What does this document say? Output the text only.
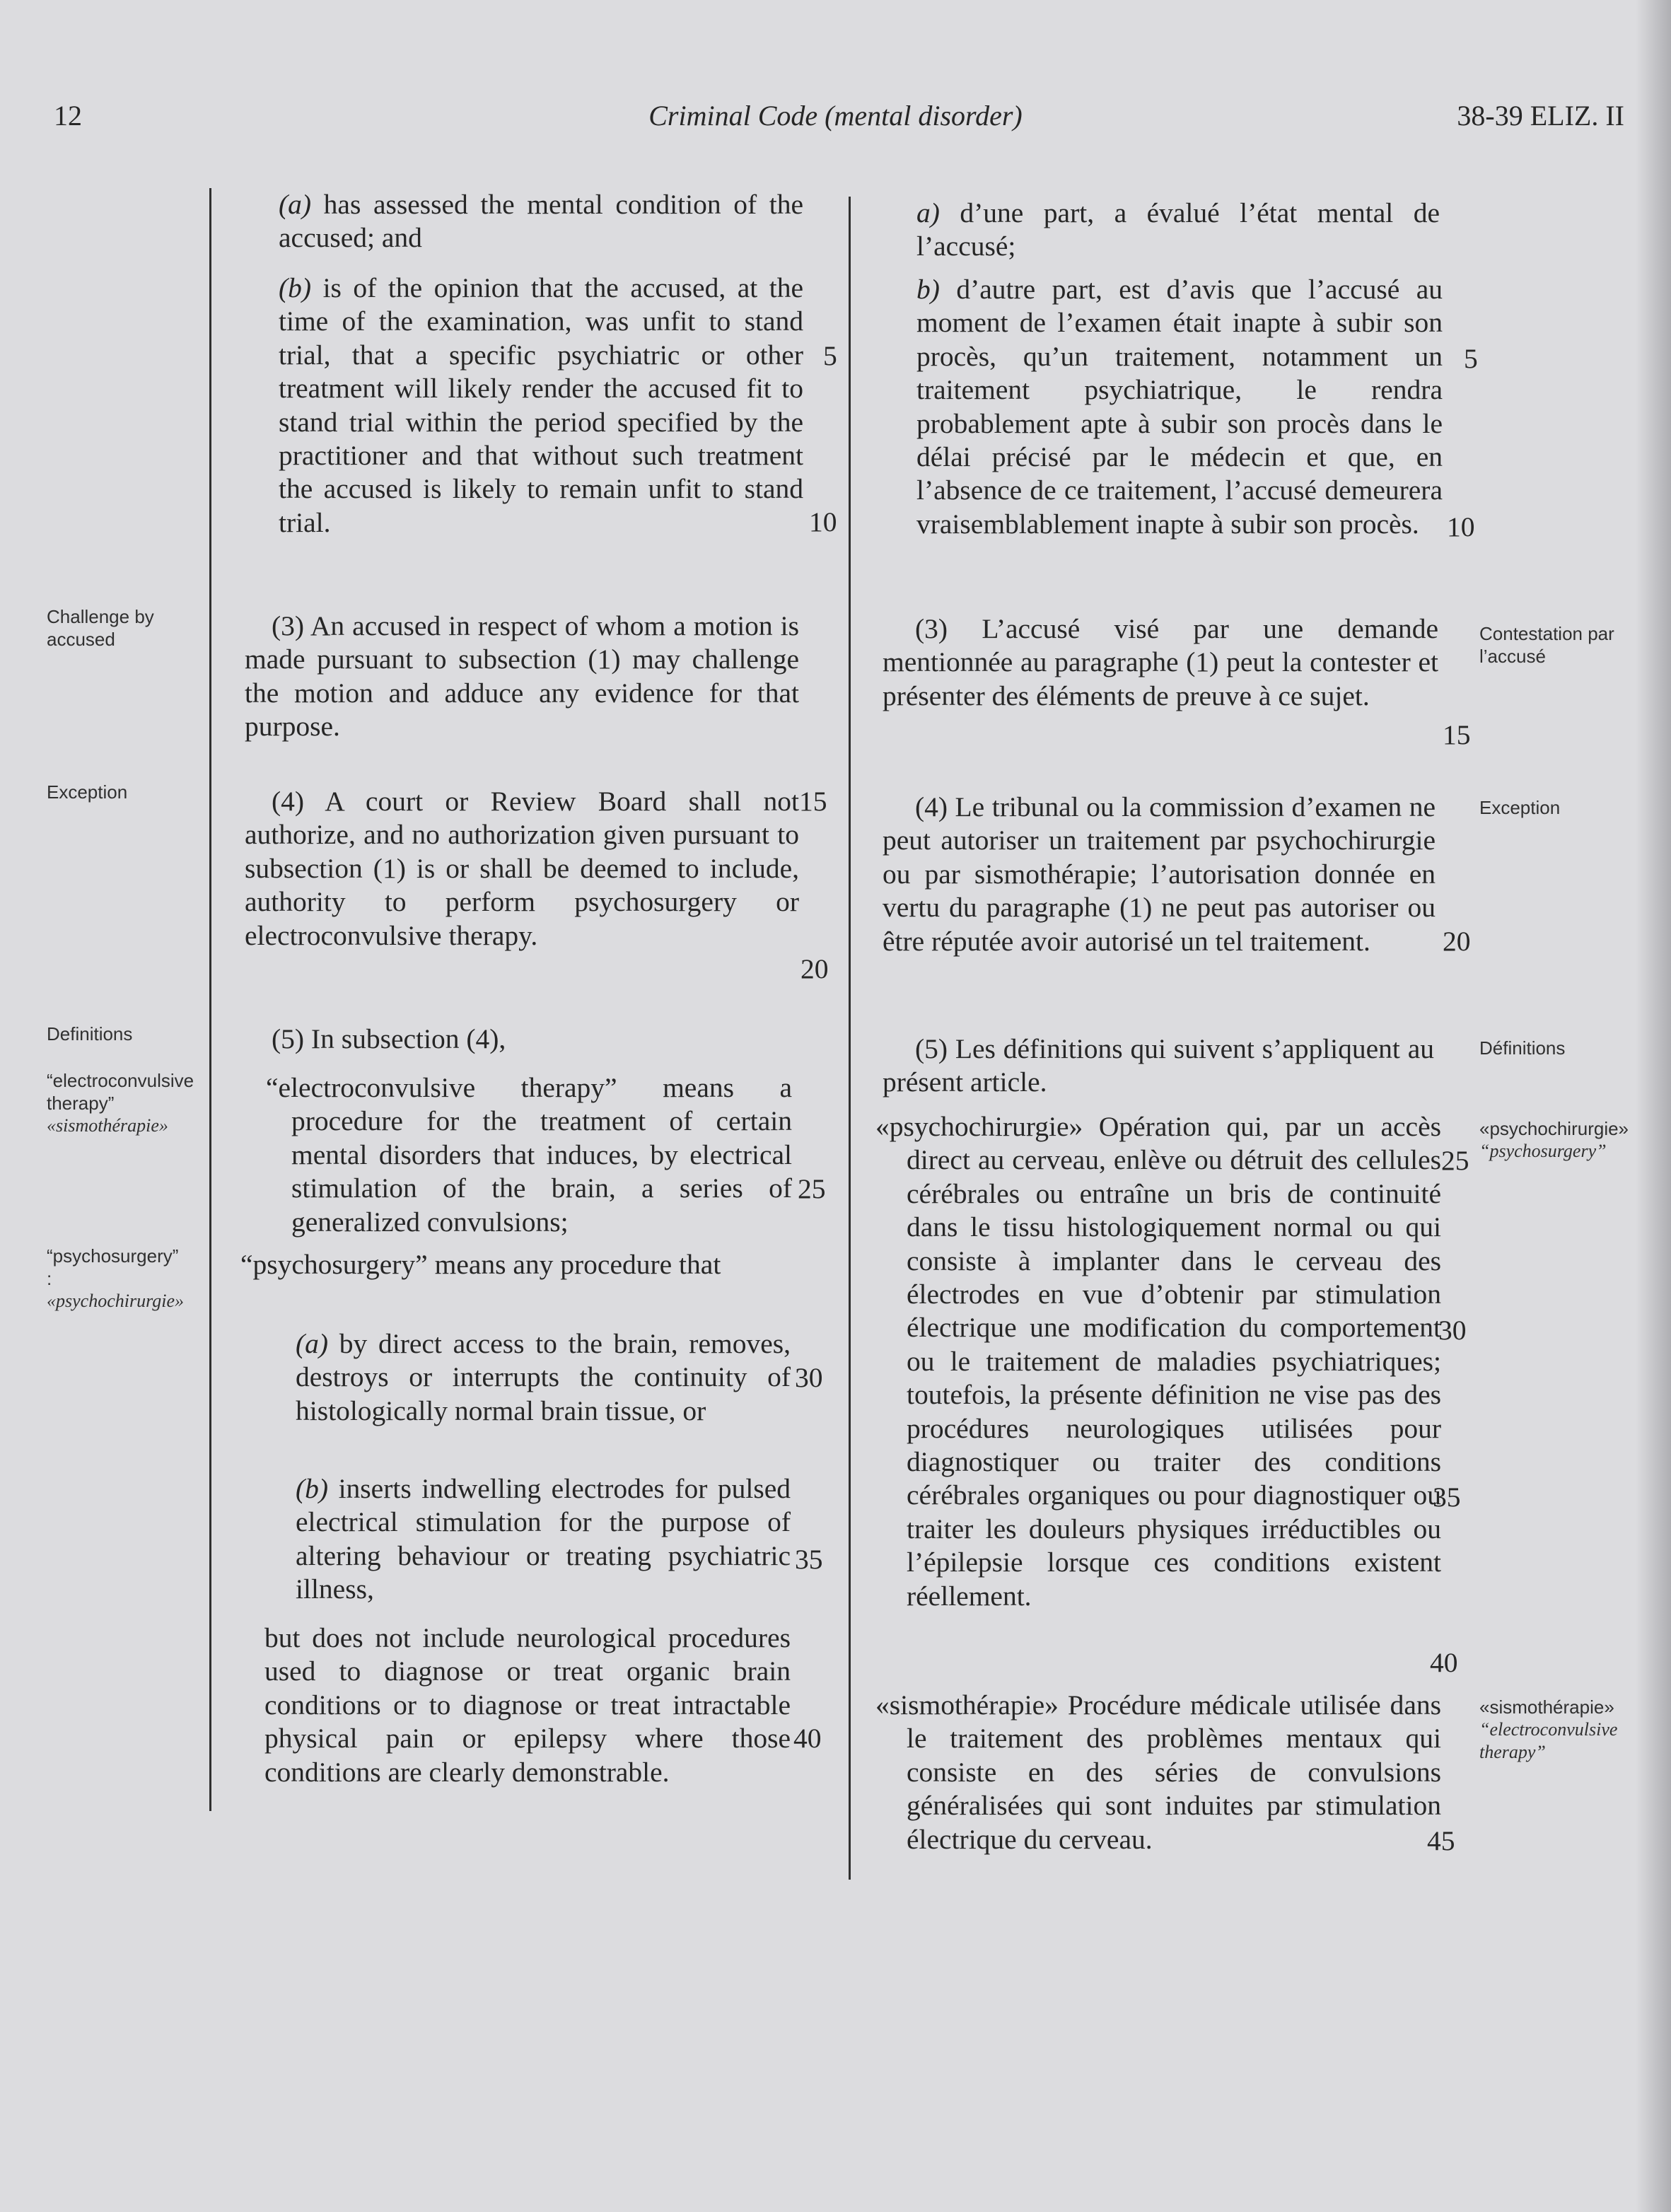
12	Criminal Code (mental disorder)	38-39 ELIZ. II
Challenge by accused
Exception
Definitions
“electroconvulsive therapy”
«sismothérapie»
“psychosurgery” :
«psychochirurgie»
(a) has assessed the mental condition of the accused; and
(b) is of the opinion that the accused, at the time of the examination, was unfit to stand trial, that a specific psychiatric or other treatment will likely render the accused fit to stand trial within the period specified by the practitioner and that without such treatment the accused is likely to remain unfit to stand trial.
(3) An accused in respect of whom a motion is made pursuant to subsection (1) may challenge the motion and adduce any evidence for that purpose.
(4) A court or Review Board shall not authorize, and no authorization given pursuant to subsection (1) is or shall be deemed to include, authority to perform psychosurgery or electroconvulsive therapy.
(5) In subsection (4),
“electroconvulsive therapy” means a procedure for the treatment of certain mental disorders that induces, by electrical stimulation of the brain, a series of generalized convulsions;
“psychosurgery” means any procedure that
(a) by direct access to the brain, removes, destroys or interrupts the continuity of histologically normal brain tissue, or
(b) inserts indwelling electrodes for pulsed electrical stimulation for the purpose of altering behaviour or treating psychiatric illness,
but does not include neurological procedures used to diagnose or treat organic brain conditions or to diagnose or treat intractable physical pain or epilepsy where those conditions are clearly demonstrable.
5
10
15
20
25
30
35
40
a) d’une part, a évalué l’état mental de l’accusé;
b) d’autre part, est d’avis que l’accusé au moment de l’examen était inapte à subir son procès, qu’un traitement, notamment un traitement psychiatrique, le rendra probablement apte à subir son procès dans le délai précisé par le médecin et que, en l’absence de ce traitement, l’accusé demeurera vraisemblablement inapte à subir son procès.
(3) L’accusé visé par une demande mentionnée au paragraphe (1) peut la contester et présenter des éléments de preuve à ce sujet.
(4) Le tribunal ou la commission d’examen ne peut autoriser un traitement par psychochirurgie ou par sismothérapie; l’autorisation donnée en vertu du paragraphe (1) ne peut pas autoriser ou être réputée avoir autorisé un tel traitement.
(5) Les définitions qui suivent s’appliquent au présent article.
«psychochirurgie» Opération qui, par un accès direct au cerveau, enlève ou détruit des cellules cérébrales ou entraîne un bris de continuité dans le tissu histologiquement normal ou qui consiste à implanter dans le cerveau des électrodes en vue d’obtenir par stimulation électrique une modification du comportement ou le traitement de maladies psychiatriques; toutefois, la présente définition ne vise pas des procédures neurologiques utilisées pour diagnostiquer ou traiter des conditions cérébrales organiques ou pour diagnostiquer ou traiter les douleurs physiques irréductibles ou l’épilepsie lorsque ces conditions existent réellement.
«sismothérapie» Procédure médicale utilisée dans le traitement des problèmes mentaux qui consiste en des séries de convulsions généralisées qui sont induites par stimulation électrique du cerveau.
5
10
15
20
25
30
35
40
45
Contestation par l’accusé
Exception
Définitions
«psychochirurgie»
“psychosurgery”
«sismothérapie»
“electroconvulsive therapy”
